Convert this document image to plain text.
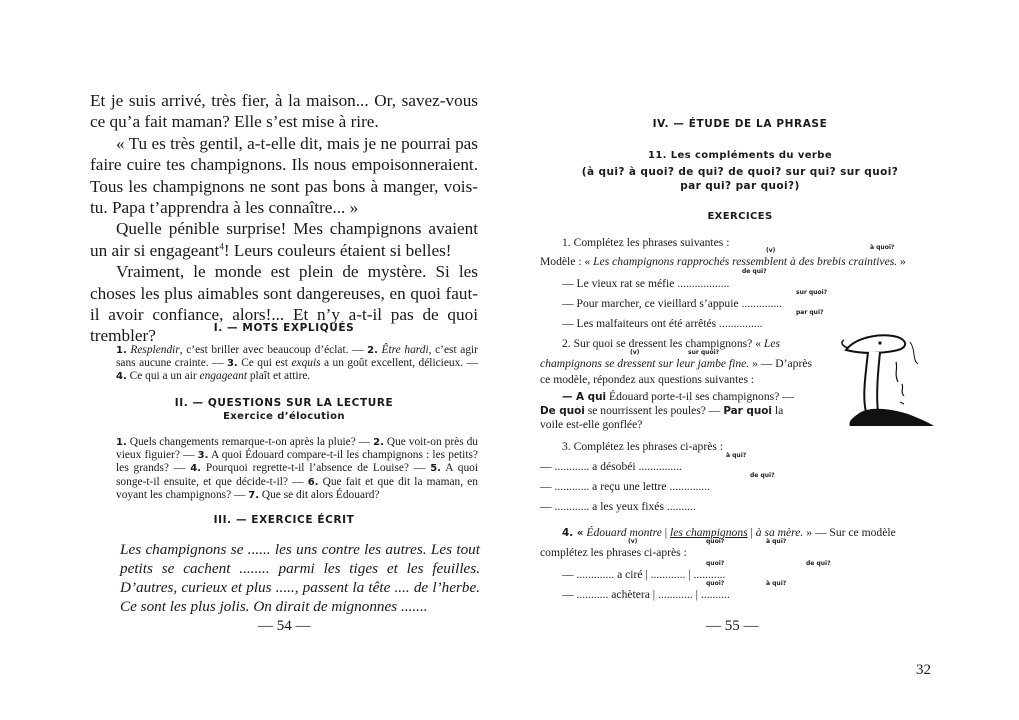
Et je suis arrivé, très fier, à la maison... Or, savez-vous ce qu’a fait maman? Elle s’est mise à rire.

« Tu es très gentil, a-t-elle dit, mais je ne pourrai pas faire cuire tes champignons. Ils nous empoisonneraient. Tous les champignons ne sont pas bons à manger, vois-tu. Papa t’apprendra à les connaître... »

Quelle pénible surprise! Mes champignons avaient un air si engageant$^4$! Leurs couleurs étaient si belles!

Vraiment, le monde est plein de mystère. Si les choses les plus aimables sont dangereuses, en quoi faut-il avoir confiance, alors!... Et n’y a-t-il pas de quoi trembler?	I. — MOTS EXPLIQUÉS
1. Resplendir, c’est briller avec beaucoup d’éclat. — 2. Être hardi, c’est agir sans aucune crainte. — 3. Ce qui est exquis a un goût excellent, délicieux. — 4. Ce qui a un air engageant plaît et attire.
II. — QUESTIONS SUR LA LECTURE
Exercice d’élocution
1. Quels changements remarque-t-on après la pluie? — 2. Que voit-on près du vieux figuier? — 3. A quoi Édouard compare-t-il les champignons : les petits? les grands? — 4. Pourquoi regrette-t-il l’absence de Louise? — 5. A quoi songe-t-il ensuite, et que décide-t-il? — 6. Que fait et que dit la maman, en voyant les champignons? — 7. Que se dit alors Édouard?
III. — EXERCICE ÉCRIT
Les champignons se ...... les uns contre les autres. Les tout petits se cachent ........ parmi les tiges et les feuilles. D’autres, curieux et plus ....., passent la tête .... de l’herbe. Ce sont les plus jolis. On dirait de mignonnes .......
— 54 —
IV. — ÉTUDE DE LA PHRASE
11. Les compléments du verbe
(à qui? à quoi? de qui? de quoi? sur qui? sur quoi?
par qui? par quoi?)
EXERCICES
1. Complétez les phrases suivantes :
(v)	à quoi?
Modèle : « Les champignons rapprochés ressemblent à des brebis craintives. »
de qui?
— Le vieux rat se méfie ..................
sur quoi?
— Pour marcher, ce vieillard s’appuie ..............
par qui?
— Les malfaiteurs ont été arrêtés ...............
2. Sur quoi se dressent les champignons? « Les
(v)	sur quoi?
champignons se dressent sur leur jambe fine. » — D’après
ce modèle, répondez aux questions suivantes :
— A qui Édouard porte-t-il ses champignons? —
De quoi se nourrissent les poules? — Par quoi la
voile est-elle gonflée?
3. Complétez les phrases ci-après :
à qui?
— ............ a désobéi ...............
de qui?
— ............ a reçu une lettre ..............
— ............ a les yeux fixés ..........
4. « Édouard montre | les champignons | à sa mère. » — Sur ce modèle
(v)	quoi?	à qui?
complétez les phrases ci-après :
quoi?	de qui?
— ............. a ciré | ............ | ...........
quoi?	à qui?
— ........... achètera | ............ | ..........
— 55 —
32
